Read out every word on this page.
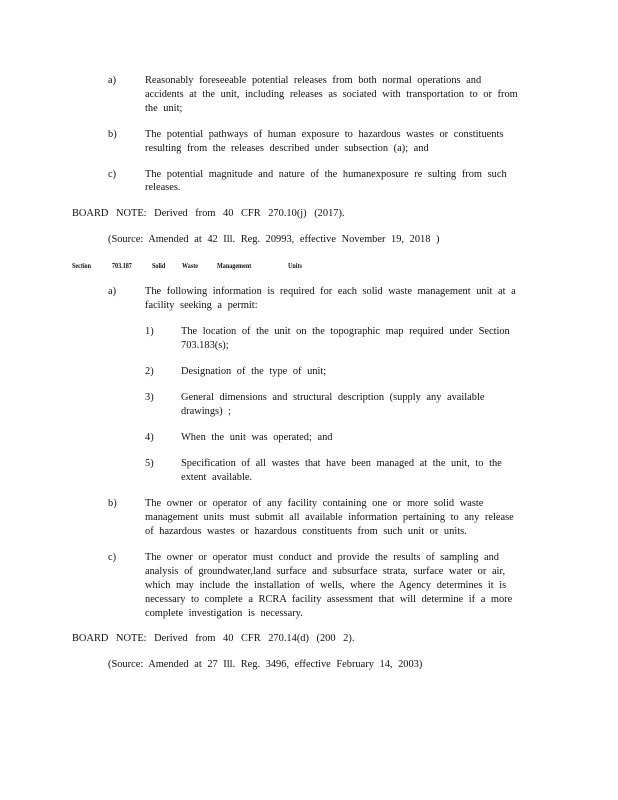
a)	Reasonably foreseeable potential releases from both normal operations and
accidents at the unit, including releases as sociated with transportation to or from
the unit;
b)	The potential pathways of human exposure to hazardous wastes or constituents
resulting from the releases described under subsection (a); and
c)	The potential magnitude and nature of the humanexposure re sulting from such
releases.
BOARD NOTE: Derived from 40 CFR 270.10(j) (2017).
(Source: Amended at 42 Ill. Reg. 20993, effective November 19, 2018 )
Section	703.187	Solid Waste	Management	Units
a)	The following information is required for each solid waste management unit at a
facility seeking a permit:
1)	The location of the unit on the topographic map required under Section
703.183(s);
2)	Designation of the type of unit;
3)	General dimensions and structural description (supply any available
drawings) ;
4)	When the unit was operated; and
5)	Specification of all wastes that have been managed at the unit, to the
extent available.
b)	The owner or operator of any facility containing one or more solid waste
management units must submit all available information pertaining to any release
of hazardous wastes or hazardous constituents from such unit or units.
c)	The owner or operator must conduct and provide the results of sampling and
analysis of groundwater,land surface and subsurface strata, surface water or air,
which may include the installation of wells, where the Agency determines it is
necessary to complete a RCRA facility assessment that will determine if a more
complete investigation is necessary.
BOARD NOTE: Derived from 40 CFR 270.14(d) (200 2).
(Source: Amended at 27 Ill. Reg. 3496, effective February 14, 2003)
